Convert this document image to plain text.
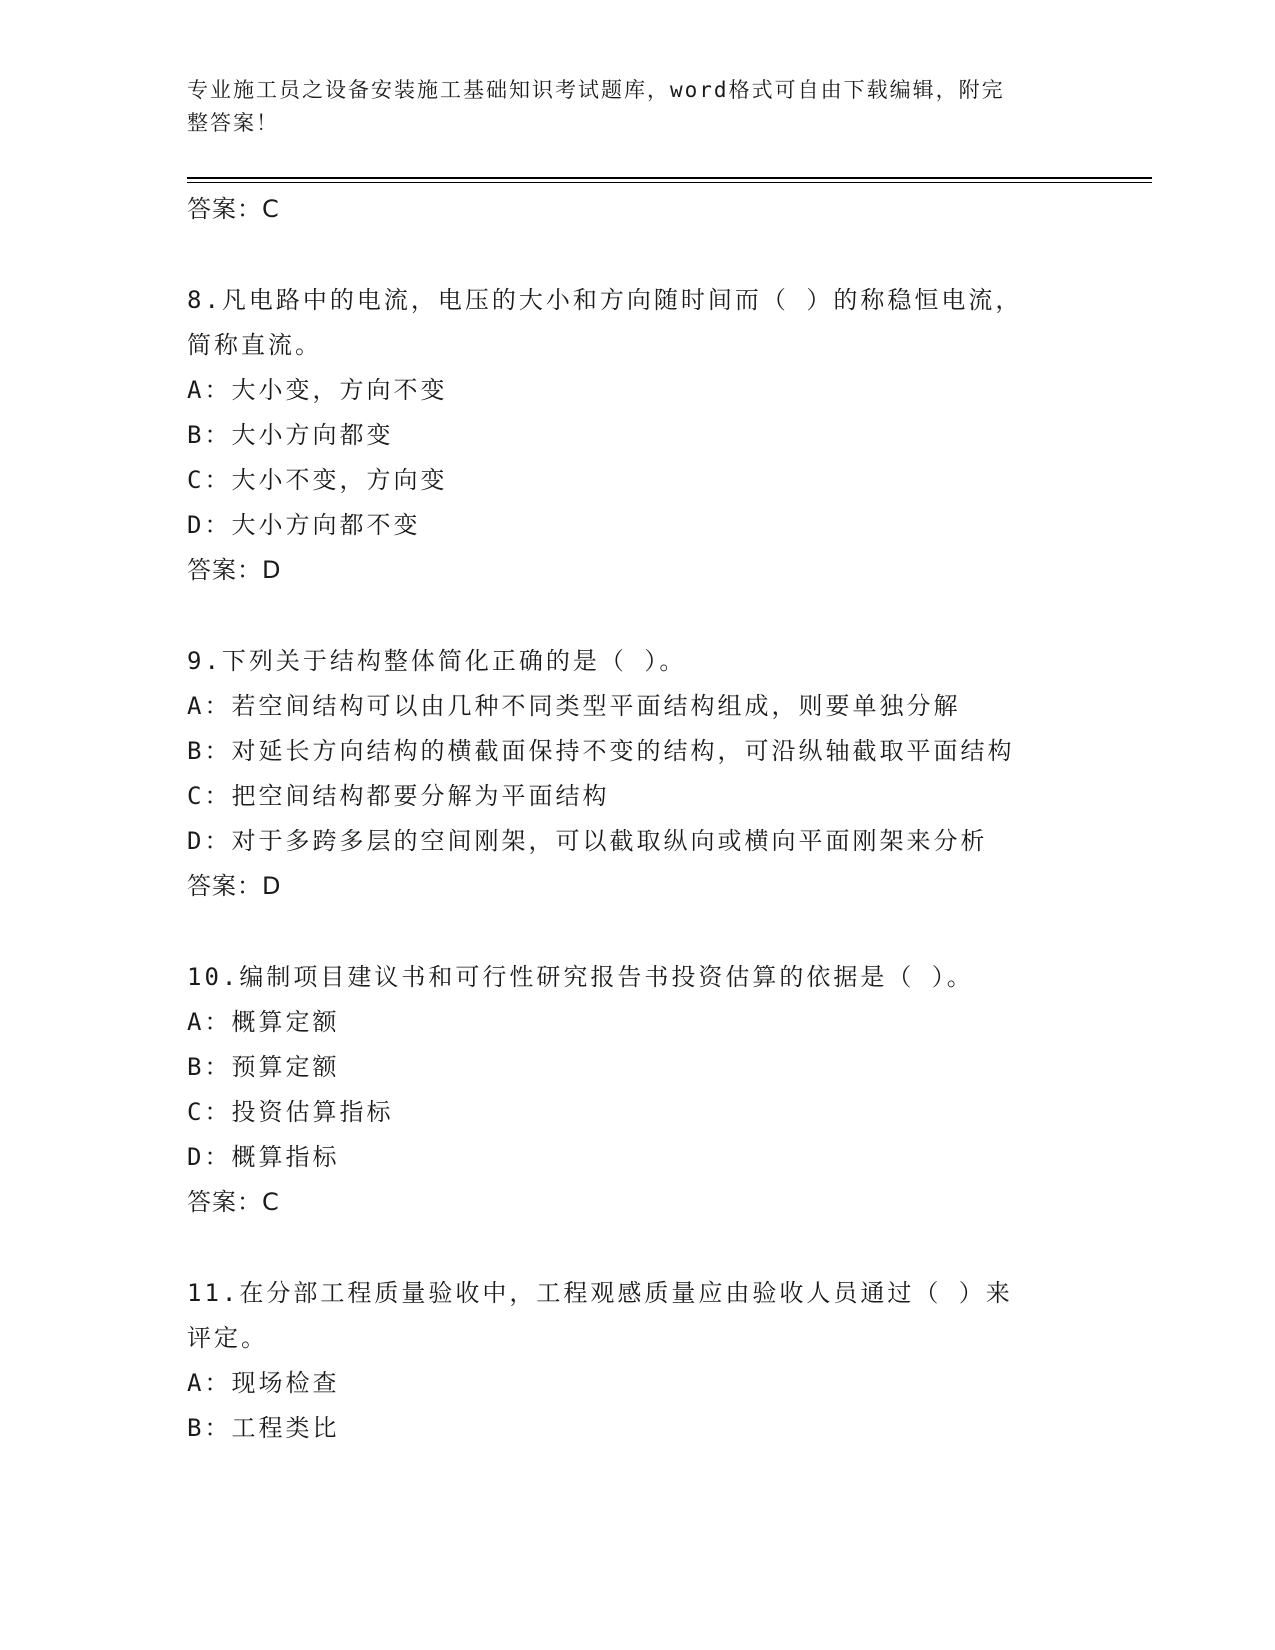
专业施工员之设备安装施工基础知识考试题库，word格式可自由下载编辑，附完
整答案！
答案：C
8.凡电路中的电流，电压的大小和方向随时间而（ ）的称稳恒电流，
简称直流。
A：大小变，方向不变
B：大小方向都变
C：大小不变，方向变
D：大小方向都不变
答案：D
9.下列关于结构整体简化正确的是（ ）。
A：若空间结构可以由几种不同类型平面结构组成，则要单独分解
B：对延长方向结构的横截面保持不变的结构，可沿纵轴截取平面结构
C：把空间结构都要分解为平面结构
D：对于多跨多层的空间刚架，可以截取纵向或横向平面刚架来分析
答案：D
10.编制项目建议书和可行性研究报告书投资估算的依据是（ ）。
A：概算定额
B：预算定额
C：投资估算指标
D：概算指标
答案：C
11.在分部工程质量验收中，工程观感质量应由验收人员通过（ ）来
评定。
A：现场检查
B：工程类比
